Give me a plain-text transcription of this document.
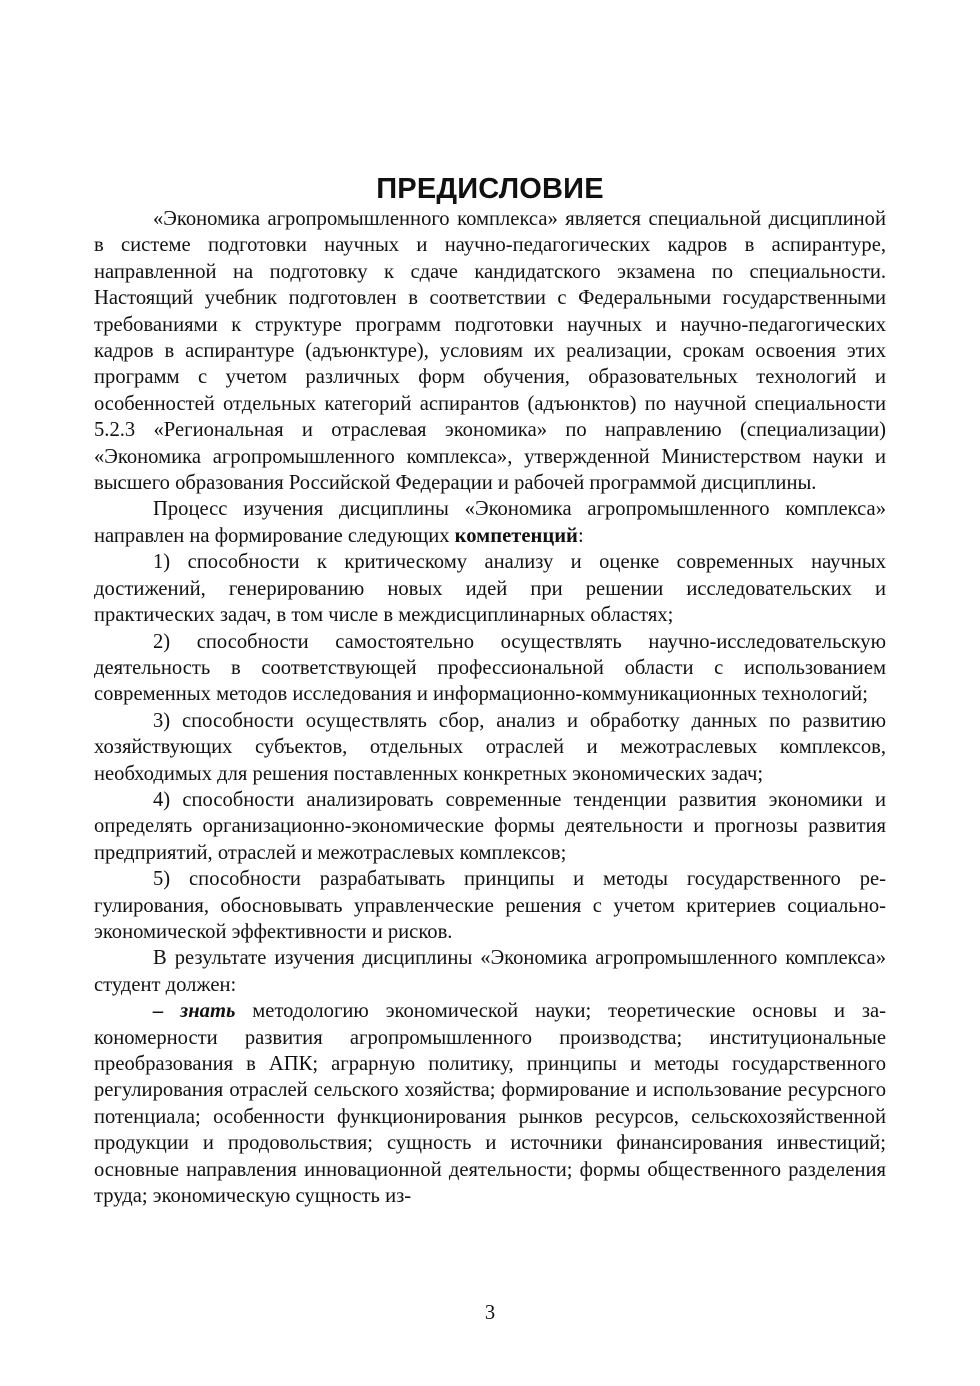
ПРЕДИСЛОВИЕ

«Экономика агропромышленного комплекса» является специальной дисциплиной в системе подготовки научных и научно-педагогических кадров в аспирантуре, направленной на подготовку к сдаче кандидатского экзамена по специальности. Настоящий учебник подготовлен в соответствии с Федеральными государственными требованиями к структуре программ подготовки научных и научно-педагогических кадров в аспирантуре (адъюнктуре), условиям их реализации, срокам освоения этих программ с учетом различных форм обучения, образовательных технологий и особенностей отдельных категорий аспирантов (адъюнктов) по научной специальности 5.2.3 «Региональная и отраслевая экономика» по направлению (специализации) «Экономика агропромышленного комплекса», утвержденной Министерством науки и высшего образования Российской Федерации и рабочей программой дисциплины.

Процесс изучения дисциплины «Экономика агропромышленного комплекса» направлен на формирование следующих компетенций:

1) способности к критическому анализу и оценке современных научных достижений, генерированию новых идей при решении исследовательских и практических задач, в том числе в междисциплинарных областях;

2) способности самостоятельно осуществлять научно-исследовательскую деятельность в соответствующей профессиональной области с использованием современных методов исследования и информационно-коммуникационных технологий;

3) способности осуществлять сбор, анализ и обработку данных по развитию хозяйствующих субъектов, отдельных отраслей и межотраслевых комплексов, необходимых для решения поставленных конкретных экономических задач;

4) способности анализировать современные тенденции развития экономики и определять организационно-экономические формы деятельности и прогнозы развития предприятий, отраслей и межотраслевых комплексов;

5) способности разрабатывать принципы и методы государственного регулирования, обосновывать управленческие решения с учетом критериев социально-экономической эффективности и рисков.

В результате изучения дисциплины «Экономика агропромышленного комплекса» студент должен:

– знать методологию экономической науки; теоретические основы и закономерности развития агропромышленного производства; институциональные преобразования в АПК; аграрную политику, принципы и методы государственного регулирования отраслей сельского хозяйства; формирование и использование ресурсного потенциала; особенности функционирования рынков ресурсов, сельскохозяйственной продукции и продовольствия; сущность и источники финансирования инвестиций; основные направления инновационной деятельности; формы общественного разделения труда; экономическую сущность из-

3
